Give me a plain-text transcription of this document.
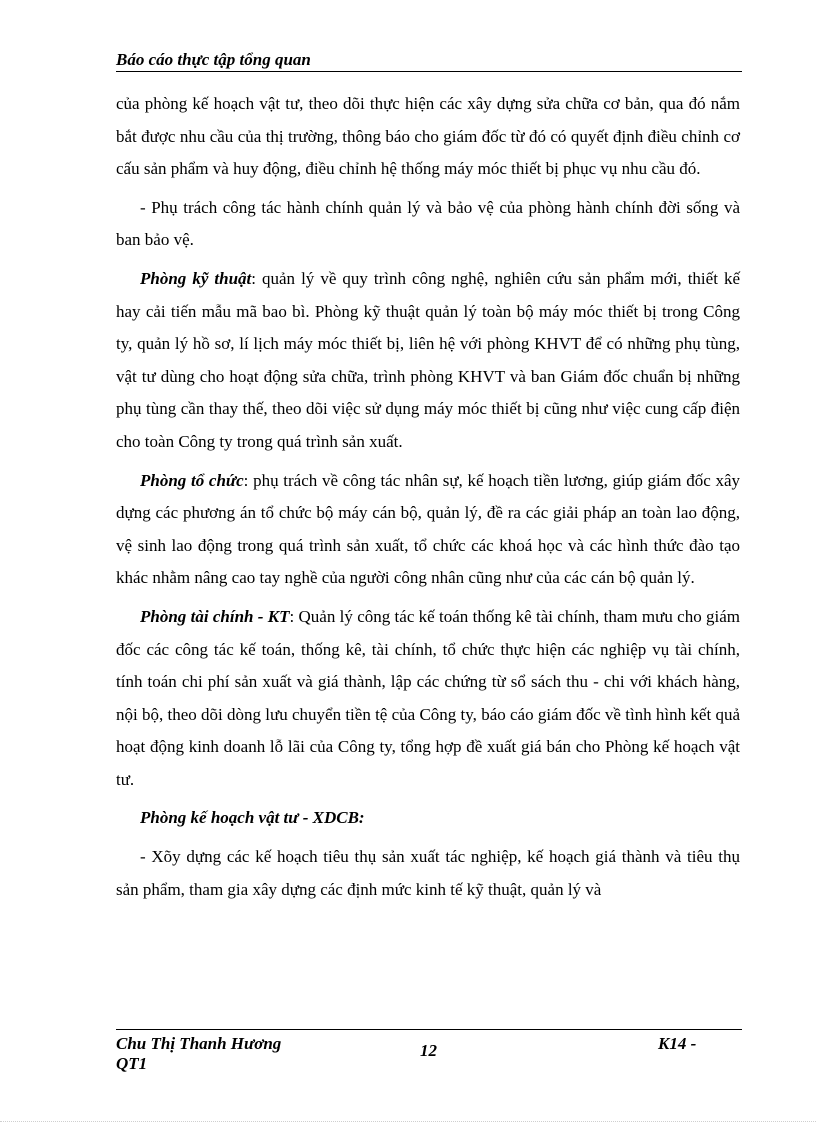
Báo cáo thực tập tổng quan

của phòng kế hoạch vật tư, theo dõi thực hiện các xây dựng sửa chữa cơ bản, qua đó nắm bắt được nhu cầu của thị trường, thông báo cho giám đốc từ đó có quyết định điều chỉnh cơ cấu sản phẩm và huy động, điều chỉnh hệ thống máy móc thiết bị phục vụ nhu cầu đó.

- Phụ trách công tác hành chính quản lý và bảo vệ của phòng hành chính đời sống và ban bảo vệ.

Phòng kỹ thuật: quản lý về quy trình công nghệ, nghiên cứu sản phẩm mới, thiết kế hay cải tiến mẫu mã bao bì. Phòng kỹ thuật quản lý toàn bộ máy móc thiết bị trong Công ty, quản lý hồ sơ, lí lịch máy móc thiết bị, liên hệ với phòng KHVT để có những phụ tùng, vật tư dùng cho hoạt động sửa chữa, trình phòng KHVT và ban Giám đốc chuẩn bị những phụ tùng cần thay thế, theo dõi việc sử dụng máy móc thiết bị cũng như việc cung cấp điện cho toàn Công ty trong quá trình sản xuất.

Phòng tổ chức: phụ trách về công tác nhân sự, kế hoạch tiền lương, giúp giám đốc xây dựng các phương án tổ chức bộ máy cán bộ, quản lý, đề ra các giải pháp an toàn lao động, vệ sinh lao động trong quá trình sản xuất, tổ chức các khoá học và các hình thức đào tạo khác nhằm nâng cao tay nghề của người công nhân cũng như của các cán bộ quản lý.

Phòng tài chính - KT: Quản lý công tác kế toán thống kê tài chính, tham mưu cho giám đốc các công tác kế toán, thống kê, tài chính, tổ chức thực hiện các nghiệp vụ tài chính, tính toán chi phí sản xuất và giá thành, lập các chứng từ sổ sách thu - chi với khách hàng, nội bộ, theo dõi dòng lưu chuyển tiền tệ của Công ty, báo cáo giám đốc về tình hình kết quả hoạt động kinh doanh lỗ lãi của Công ty, tổng hợp đề xuất giá bán cho Phòng kế hoạch vật tư.

Phòng kế hoạch vật tư - XDCB:

- Xõy dựng các kế hoạch tiêu thụ sản xuất tác nghiệp, kế hoạch giá thành và tiêu thụ sản phẩm, tham gia xây dựng các định mức kinh tế kỹ thuật, quản lý và

Chu Thị Thanh Hương
QT1
12	K14 -
